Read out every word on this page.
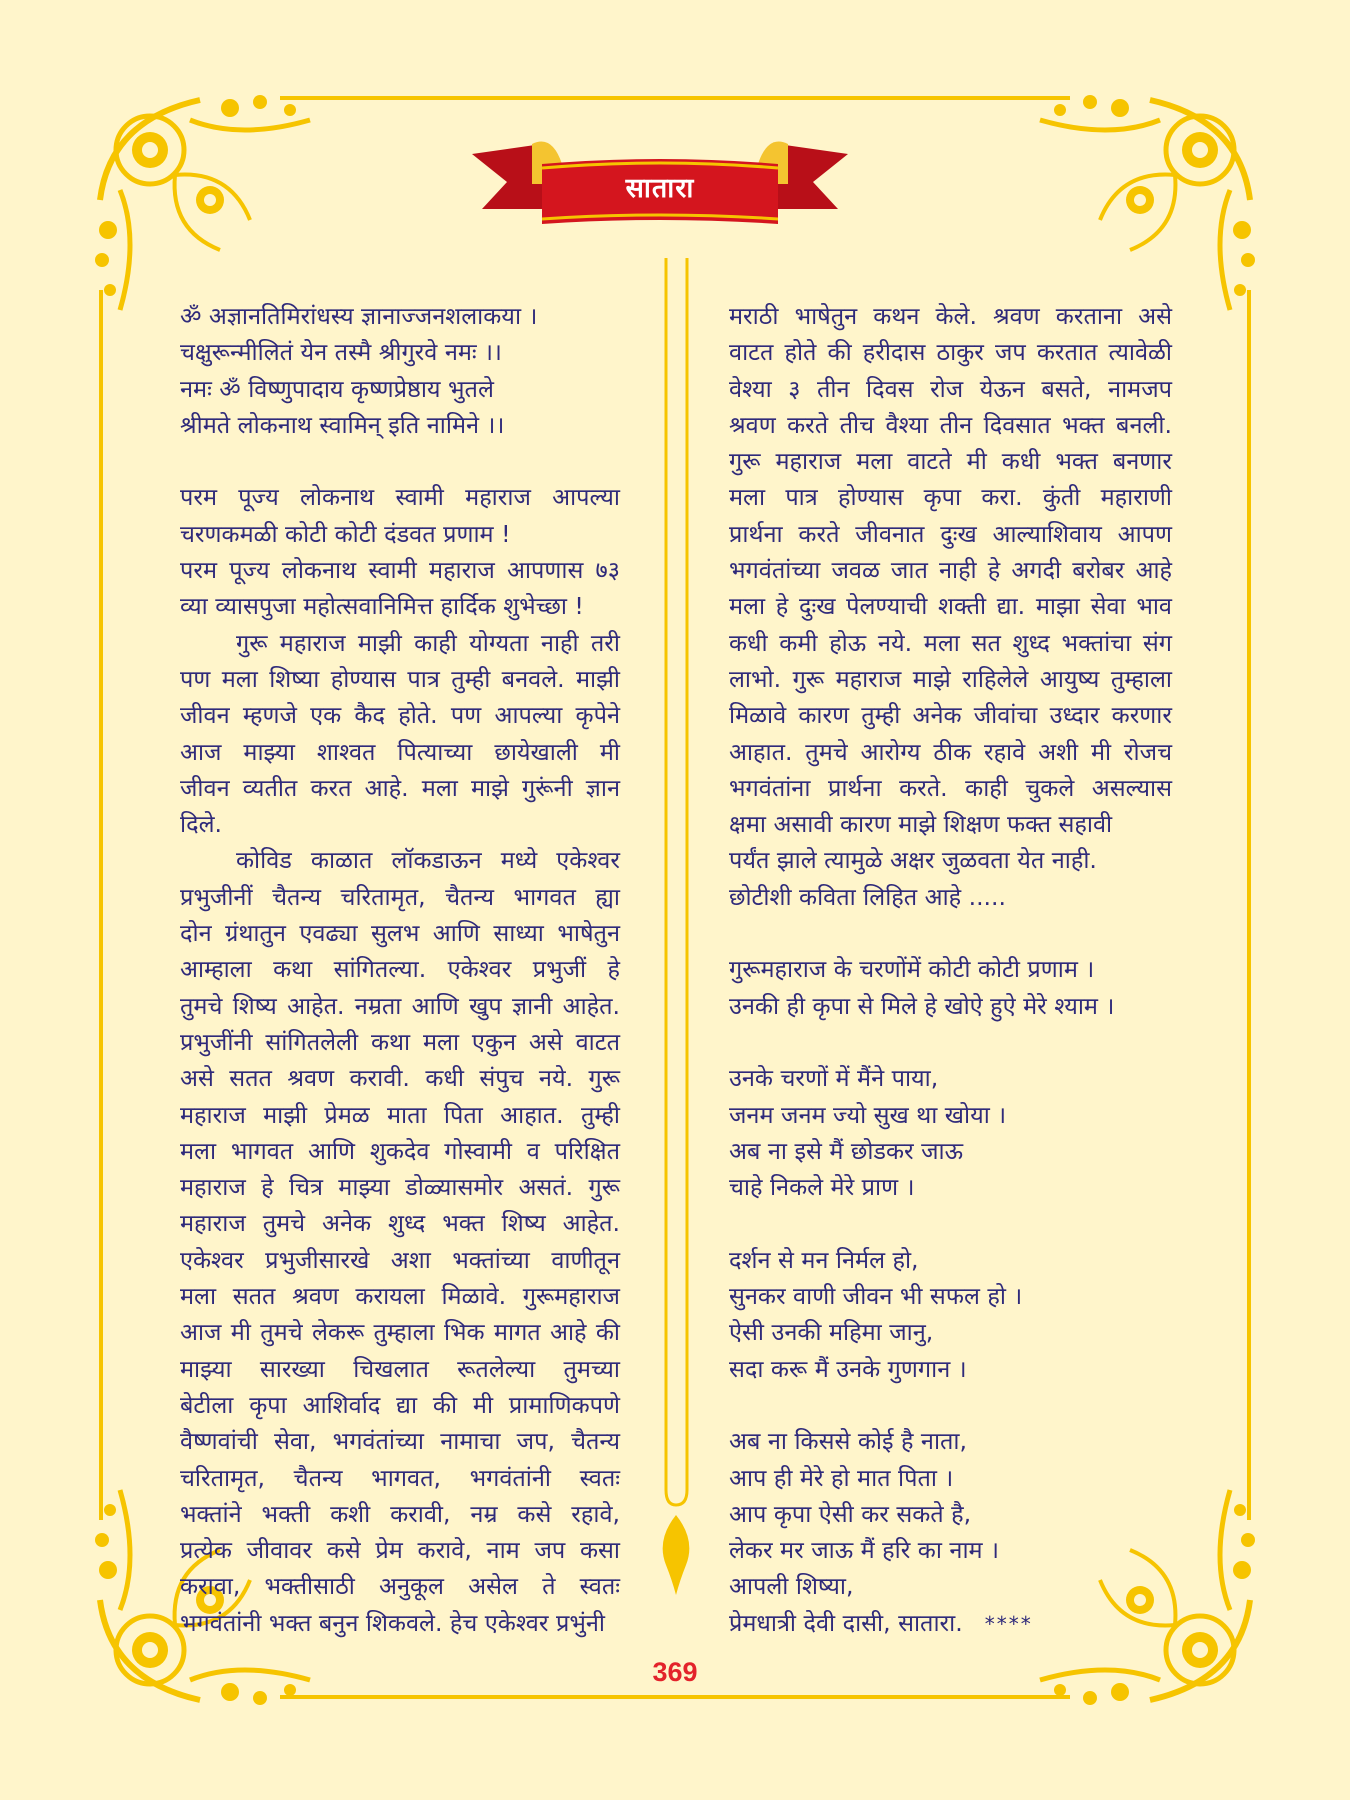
सातारा
ॐ अज्ञानतिमिरांधस्य ज्ञानाज्जनशलाकया ।
चक्षुरून्मीलितं येन तस्मै श्रीगुरवे नमः ।।
नमः ॐ विष्णुपादाय कृष्णप्रेष्ठाय भुतले
श्रीमते लोकनाथ स्वामिन् इति नामिने ।।
परम पूज्य लोकनाथ स्वामी महाराज आपल्या
चरणकमळी कोटी कोटी दंडवत प्रणाम !
परम पूज्य लोकनाथ स्वामी महाराज आपणास ७३
व्या व्यासपुजा महोत्सवानिमित्त हार्दिक शुभेच्छा !
गुरू महाराज माझी काही योग्यता नाही तरी
पण मला शिष्या होण्यास पात्र तुम्ही बनवले. माझी
जीवन म्हणजे एक कैद होते. पण आपल्या कृपेने
आज माझ्या शाश्वत पित्याच्या छायेखाली मी
जीवन व्यतीत करत आहे. मला माझे गुरूंनी ज्ञान
दिले.
कोविड काळात लॉकडाऊन मध्ये एकेश्वर
प्रभुजीनीं चैतन्य चरितामृत, चैतन्य भागवत ह्या
दोन ग्रंथातुन एवढ्या सुलभ आणि साध्या भाषेतुन
आम्हाला कथा सांगितल्या. एकेश्वर प्रभुजीं हे
तुमचे शिष्य आहेत. नम्रता आणि खुप ज्ञानी आहेत.
प्रभुजींनी सांगितलेली कथा मला एकुन असे वाटत
असे सतत श्रवण करावी. कधी संपुच नये. गुरू
महाराज माझी प्रेमळ माता पिता आहात. तुम्ही
मला भागवत आणि शुकदेव गोस्वामी व परिक्षित
महाराज हे चित्र माझ्या डोळ्यासमोर असतं. गुरू
महाराज तुमचे अनेक शुध्द भक्त शिष्य आहेत.
एकेश्वर प्रभुजीसारखे अशा भक्तांच्या वाणीतून
मला सतत श्रवण करायला मिळावे. गुरूमहाराज
आज मी तुमचे लेकरू तुम्हाला भिक मागत आहे की
माझ्या सारख्या चिखलात रूतलेल्या तुमच्या
बेटीला कृपा आशिर्वाद द्या की मी प्रामाणिकपणे
वैष्णवांची सेवा, भगवंतांच्या नामाचा जप, चैतन्य
चरितामृत, चैतन्य भागवत, भगवंतांनी स्वतः
भक्तांने भक्ती कशी करावी, नम्र कसे रहावे,
प्रत्येक जीवावर कसे प्रेम करावे, नाम जप कसा
करावा, भक्तीसाठी अनुकूल असेल ते स्वतः
भगवंतांनी भक्त बनुन शिकवले. हेच एकेश्वर प्रभुंनी
मराठी भाषेतुन कथन केले. श्रवण करताना असे
वाटत होते की हरीदास ठाकुर जप करतात त्यावेळी
वेश्या ३ तीन दिवस रोज येऊन बसते, नामजप
श्रवण करते तीच वैश्या तीन दिवसात भक्त बनली.
गुरू महाराज मला वाटते मी कधी भक्त बनणार
मला पात्र होण्यास कृपा करा. कुंती महाराणी
प्रार्थना करते जीवनात दुःख आल्याशिवाय आपण
भगवंतांच्या जवळ जात नाही हे अगदी बरोबर आहे
मला हे दुःख पेलण्याची शक्ती द्या. माझा सेवा भाव
कधी कमी होऊ नये. मला सत शुध्द भक्तांचा संग
लाभो. गुरू महाराज माझे राहिलेले आयुष्य तुम्हाला
मिळावे कारण तुम्ही अनेक जीवांचा उध्दार करणार
आहात. तुमचे आरोग्य ठीक रहावे अशी मी रोजच
भगवंतांना प्रार्थना करते. काही चुकले असल्यास
क्षमा असावी कारण माझे शिक्षण फक्त सहावी
पर्यंत झाले त्यामुळे अक्षर जुळवता येत नाही.
छोटीशी कविता लिहित आहे .....
गुरूमहाराज के चरणोंमें कोटी कोटी प्रणाम ।
उनकी ही कृपा से मिले हे खोऐ हुऐ मेरे श्याम ।
उनके चरणों में मैंने पाया,
जनम जनम ज्यो सुख था खोया ।
अब ना इसे मैं छोडकर जाऊ
चाहे निकले मेरे प्राण ।
दर्शन से मन निर्मल हो,
सुनकर वाणी जीवन भी सफल हो ।
ऐसी उनकी महिमा जानु,
सदा करू मैं उनके गुणगान ।
अब ना किससे कोई है नाता,
आप ही मेरे हो मात पिता ।
आप कृपा ऐसी कर सकते है,
लेकर मर जाऊ मैं हरि का नाम ।
आपली शिष्या,
प्रेमधात्री देवी दासी, सातारा. ****
369
